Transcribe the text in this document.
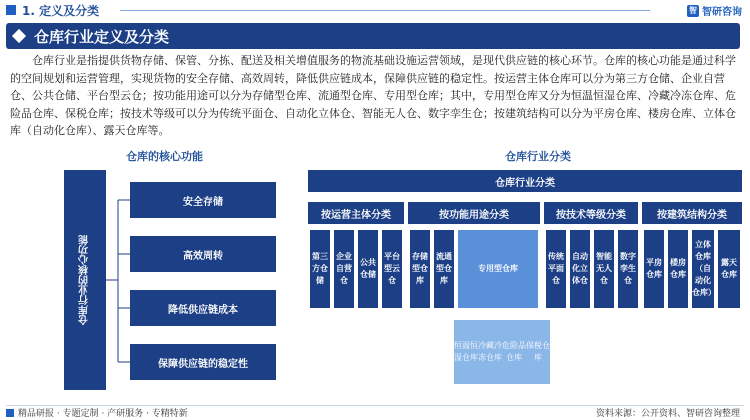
1. 定义及分类	智 智研咨询
仓库行业定义及分类
仓库行业是指提供货物存储、保管、分拣、配送及相关增值服务的物流基础设施运营领域，是现代供应链的核心环节。仓库的核心功能是通过科学的空间规划和运营管理，实现货物的安全存储、高效周转，降低供应链成本，保障供应链的稳定性。按运营主体仓库可以分为第三方仓储、企业自营仓、公共仓储、平台型云仓；按功能用途可以分为存储型仓库、流通型仓库、专用型仓库；其中，专用型仓库又分为恒温恒湿仓库、冷藏冷冻仓库、危险品仓库、保税仓库；按技术等级可以分为传统平面仓、自动化立体仓、智能无人仓、数字孪生仓；按建筑结构可以分为平房仓库、楼房仓库、立体仓库（自动化仓库）、露天仓库等。
仓库的核心功能	仓库行业分类
仓库行业的核心功能
安全存储
高效周转
降低供应链成本
保障供应链的稳定性
仓库行业分类
按运营主体分类	按功能用途分类	按技术等级分类	按建筑结构分类
第三方仓储
企业自营仓
公共仓储
平台型云仓
存储型仓库
流通型仓库
专用型仓库
恒温恒湿仓库
冷藏冷冻仓库
危险品仓库
保税仓库
传统平面仓
自动化立体仓
智能无人仓
数字孪生仓
平房仓库
楼房仓库
立体仓库（自动化仓库）
露天仓库
精品研报 · 专题定制 · 产研服务 · 专精特新	资料来源：公开资料、智研咨询整理
